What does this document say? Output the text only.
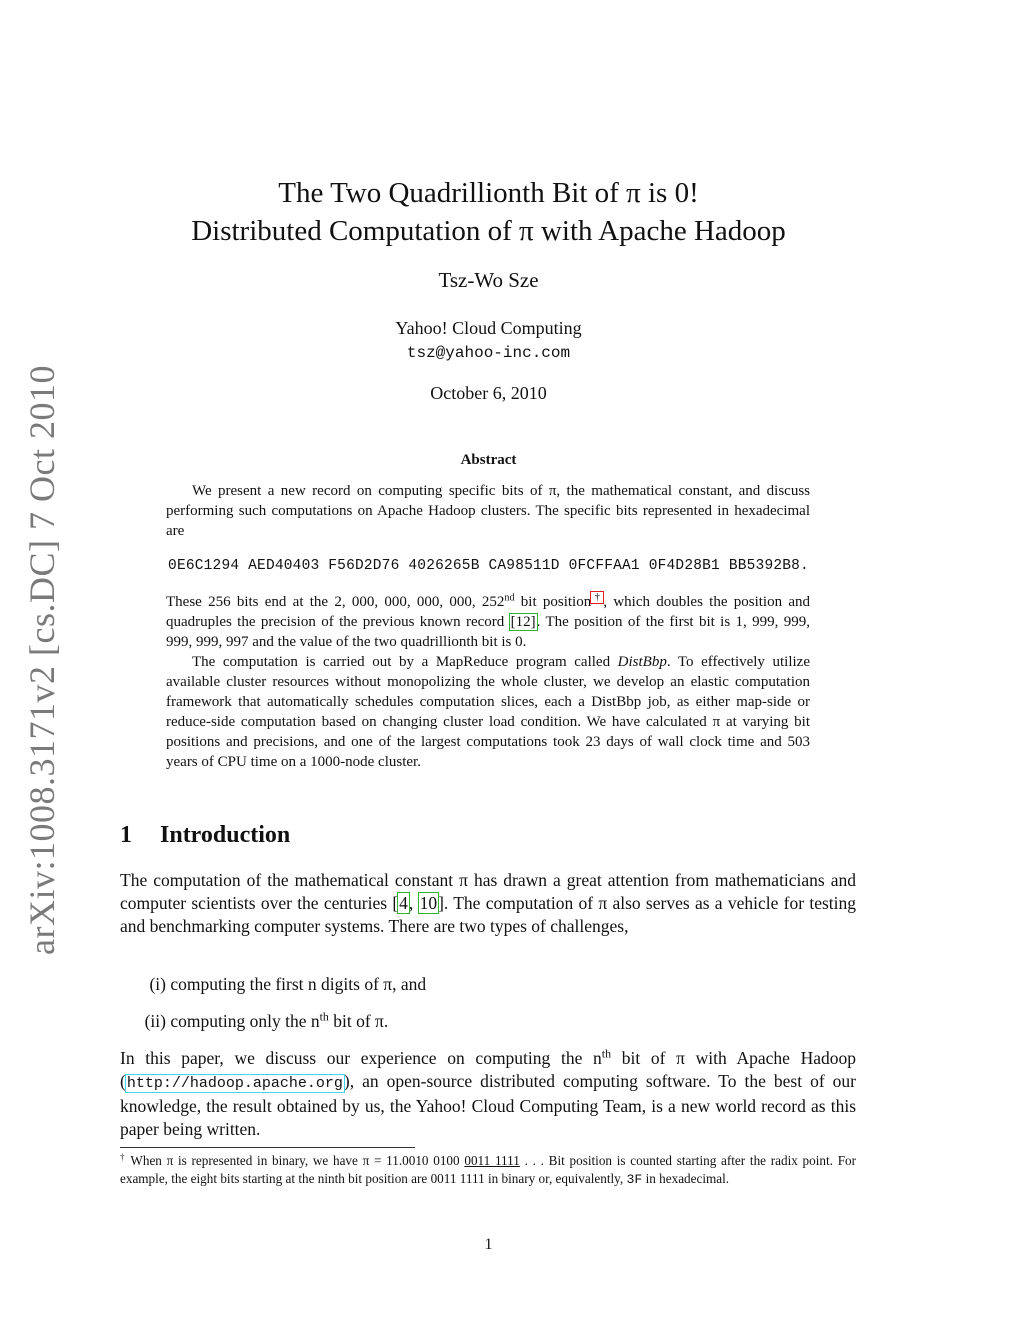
arXiv:1008.3171v2 [cs.DC] 7 Oct 2010
The Two Quadrillionth Bit of π is 0!
Distributed Computation of π with Apache Hadoop
Tsz-Wo Sze
Yahoo! Cloud Computing
tsz@yahoo-inc.com
October 6, 2010
Abstract

We present a new record on computing specific bits of π, the mathematical constant, and discuss performing such computations on Apache Hadoop clusters. The specific bits represented in hexadecimal are

0E6C1294 AED40403 F56D2D76 4026265B CA98511D 0FCFFAA1 0F4D28B1 BB5392B8.

These 256 bits end at the 2, 000, 000, 000, 000, 252nd bit position†, which doubles the position and quadruples the precision of the previous known record [12]. The position of the first bit is 1, 999, 999, 999, 999, 997 and the value of the two quadrillionth bit is 0.

The computation is carried out by a MapReduce program called DistBbp. To effectively utilize available cluster resources without monopolizing the whole cluster, we develop an elastic computation framework that automatically schedules computation slices, each a DistBbp job, as either map-side or reduce-side computation based on changing cluster load condition. We have calculated π at varying bit positions and precisions, and one of the largest computations took 23 days of wall clock time and 503 years of CPU time on a 1000-node cluster.

1 Introduction

The computation of the mathematical constant π has drawn a great attention from mathematicians and computer scientists over the centuries [4, 10]. The computation of π also serves as a vehicle for testing and benchmarking computer systems. There are two types of challenges,

(i) computing the first n digits of π, and
(ii) computing only the $n^{th}$ bit of π.

In this paper, we discuss our experience on computing the $n^{th}$ bit of π with Apache Hadoop (http://hadoop.apache.org), an open-source distributed computing software. To the best of our knowledge, the result obtained by us, the Yahoo! Cloud Computing Team, is a new world record as this paper being written.

† When π is represented in binary, we have π = 11.0010 0100 0011 1111 . . . Bit position is counted starting after the radix point. For example, the eight bits starting at the ninth bit position are 0011 1111 in binary or, equivalently, 3F in hexadecimal.

1
